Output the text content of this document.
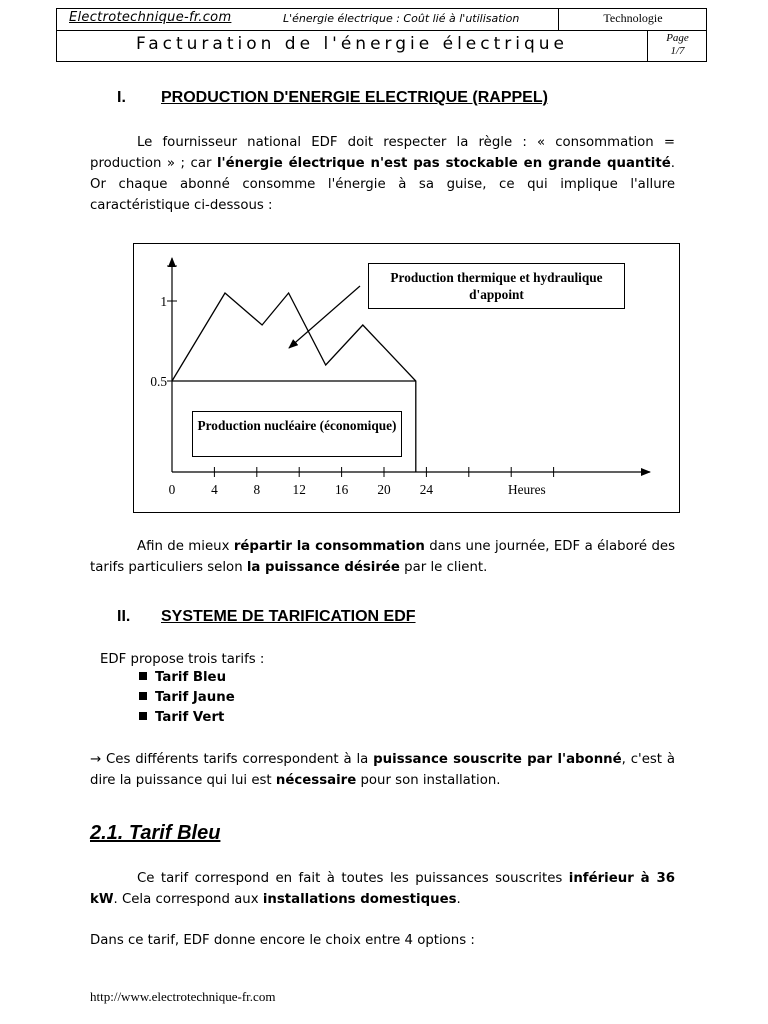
Electrotechnique-fr.com	L'énergie électrique : Coût lié à l'utilisation	Technologie
Facturation de l'énergie électrique	Page
1/7
I. PRODUCTION D'ENERGIE ELECTRIQUE (RAPPEL)
Le fournisseur national EDF doit respecter la règle : « consommation = production » ; car l'énergie électrique n'est pas stockable en grande quantité. Or chaque abonné consomme l'énergie à sa guise, ce qui implique l'allure caractéristique ci-dessous :
0	4	8 12 16 20 24	Heures
0.5
1
Production thermique et hydraulique d'appoint
Production nucléaire (économique)
Afin de mieux répartir la consommation dans une journée, EDF a élaboré des tarifs particuliers selon la puissance désirée par le client.
II. SYSTEME DE TARIFICATION EDF
EDF propose trois tarifs :
Tarif Bleu
Tarif Jaune
Tarif Vert
→ Ces différents tarifs correspondent à la puissance souscrite par l'abonné, c'est à dire la puissance qui lui est nécessaire pour son installation.
2.1. Tarif Bleu
Ce tarif correspond en fait à toutes les puissances souscrites inférieur à 36 kW. Cela correspond aux installations domestiques.
Dans ce tarif, EDF donne encore le choix entre 4 options :
http://www.electrotechnique-fr.com
